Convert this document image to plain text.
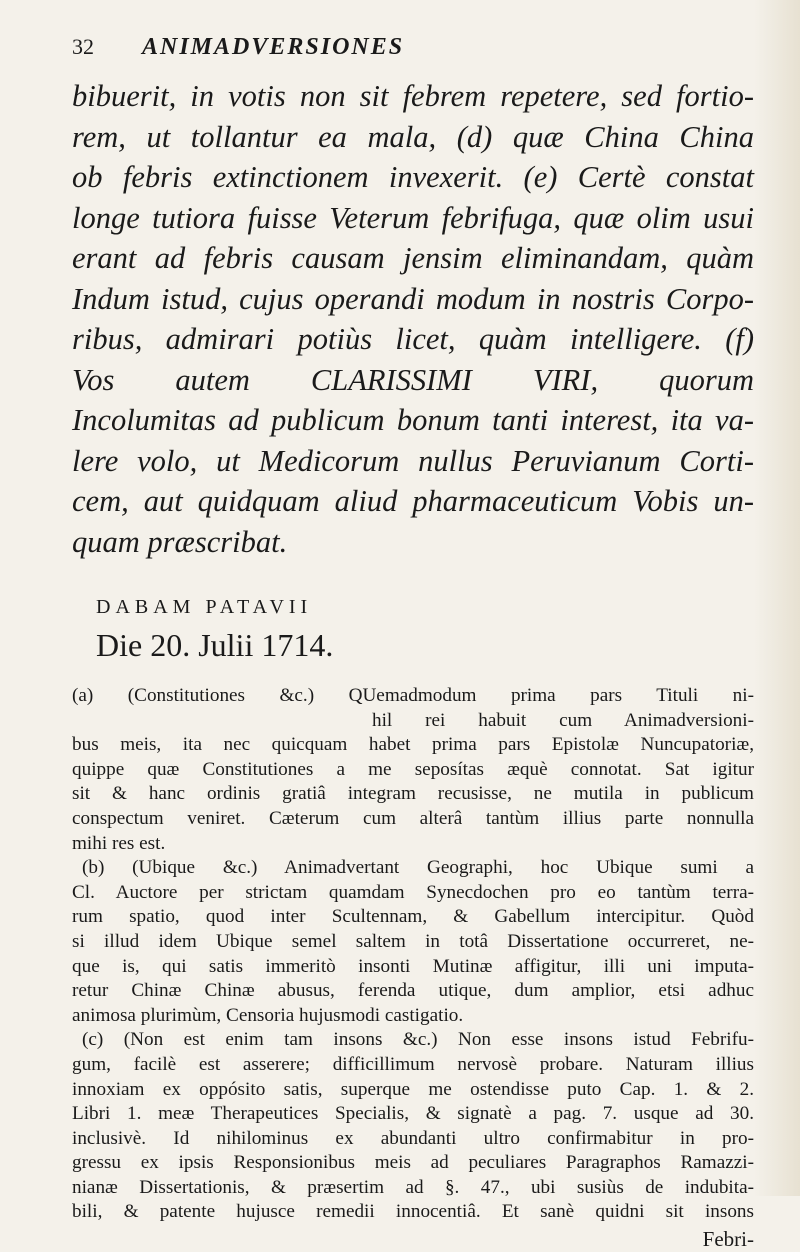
32	ANIMADVERSIONES
bibuerit, in votis non sit febrem repetere, sed fortio-
rem, ut tollantur ea mala, (d) quæ China China
ob febris extinctionem invexerit. (e) Certè constat
longe tutiora fuisse Veterum febrifuga, quæ olim usui
erant ad febris causam jensim eliminandam, quàm
Indum istud, cujus operandi modum in nostris Corpo-
ribus, admirari potiùs licet, quàm intelligere. (f)
Vos autem CLARISSIMI VIRI, quorum
Incolumitas ad publicum bonum tanti interest, ita va-
lere volo, ut Medicorum nullus Peruvianum Corti-
cem, aut quidquam aliud pharmaceuticum Vobis un-
quam præscribat.
DABAM PATAVII
Die 20. Julii 1714.
(a) (Constitutiones &c.) QUemadmodum prima pars Tituli ni-
hil rei habuit cum Animadversioni-
bus meis, ita nec quicquam habet prima pars Epistolæ Nuncupatoriæ,
quippe quæ Constitutiones a me seposítas æquè connotat. Sat igitur
sit & hanc ordinis gratiâ integram recusisse, ne mutila in publicum
conspectum veniret. Cæterum cum alterâ tantùm illius parte nonnulla
mihi res est.
(b) (Ubique &c.) Animadvertant Geographi, hoc Ubique sumi a
Cl. Auctore per strictam quamdam Synecdochen pro eo tantùm terra-
rum spatio, quod inter Scultennam, & Gabellum intercipitur. Quòd
si illud idem Ubique semel saltem in totâ Dissertatione occurreret, ne-
que is, qui satis immeritò insonti Mutinæ affigitur, illi uni imputa-
retur Chinæ Chinæ abusus, ferenda utique, dum amplior, etsi adhuc
animosa plurimùm, Censoria hujusmodi castigatio.
(c) (Non est enim tam insons &c.) Non esse insons istud Febrifu-
gum, facilè est asserere; difficillimum nervosè probare. Naturam illius
innoxiam ex oppósito satis, superque me ostendisse puto Cap. 1. & 2.
Libri 1. meæ Therapeutices Specialis, & signatè a pag. 7. usque ad 30.
inclusivè. Id nihilominus ex abundanti ultro confirmabitur in pro-
gressu ex ipsis Responsionibus meis ad peculiares Paragraphos Ramazzi-
nianæ Dissertationis, & præsertim ad §. 47., ubi susiùs de indubita-
bili, & patente hujusce remedii innocentiâ. Et sanè quidni sit insons
Febri-
